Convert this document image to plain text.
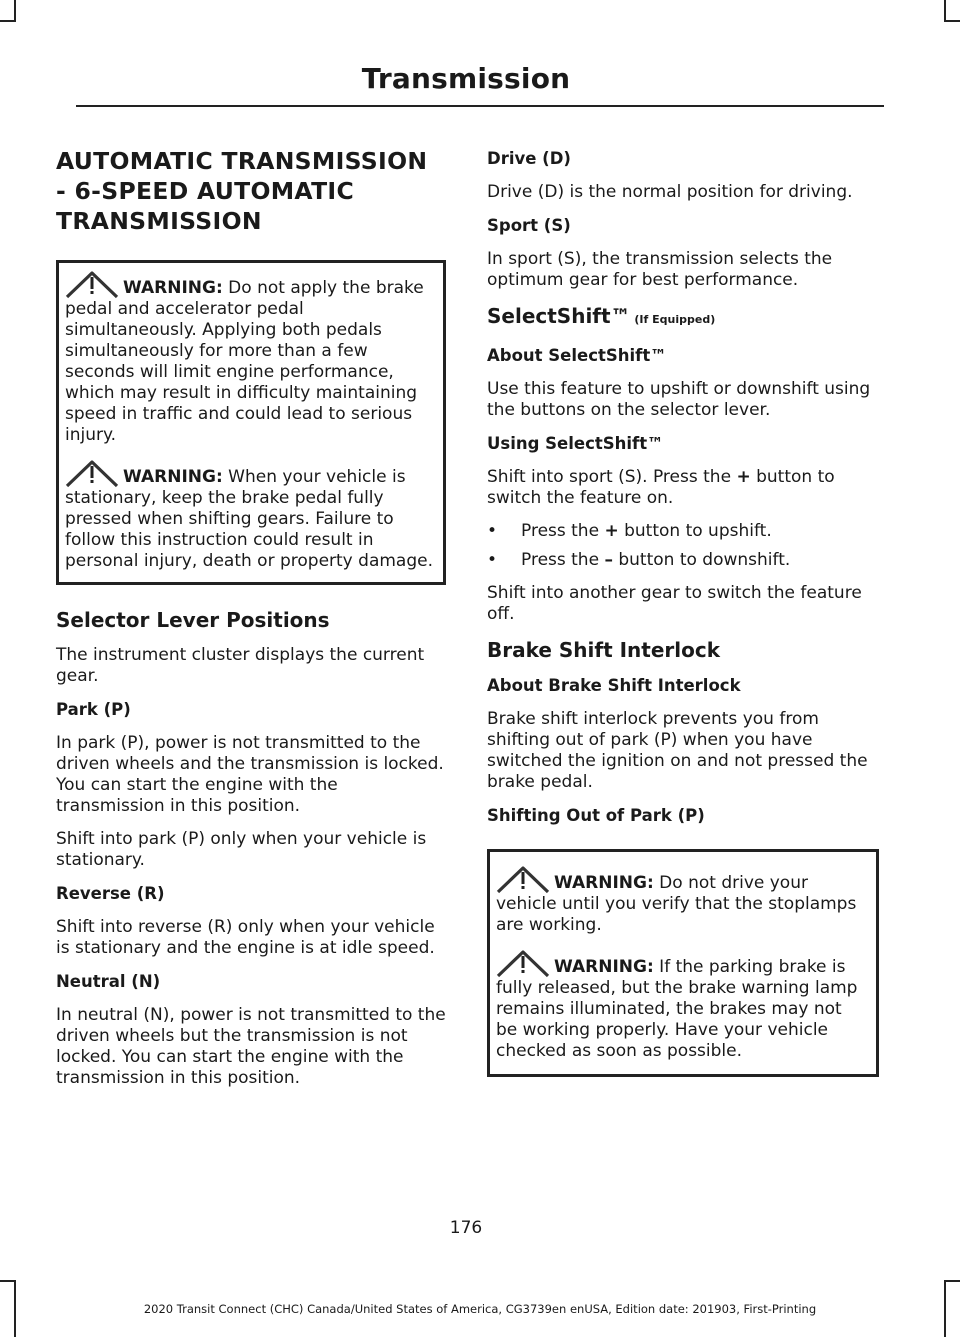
Transmission
AUTOMATIC TRANSMISSION
- 6-SPEED AUTOMATIC
TRANSMISSION
WARNING: Do not apply the brake pedal and accelerator pedal simultaneously. Applying both pedals simultaneously for more than a few seconds will limit engine performance, which may result in difficulty maintaining speed in traffic and could lead to serious injury.
WARNING: When your vehicle is stationary, keep the brake pedal fully pressed when shifting gears. Failure to follow this instruction could result in personal injury, death or property damage.
Selector Lever Positions
The instrument cluster displays the current gear.
Park (P)
In park (P), power is not transmitted to the driven wheels and the transmission is locked. You can start the engine with the transmission in this position.
Shift into park (P) only when your vehicle is stationary.
Reverse (R)
Shift into reverse (R) only when your vehicle is stationary and the engine is at idle speed.
Neutral (N)
In neutral (N), power is not transmitted to the driven wheels but the transmission is not locked. You can start the engine with the transmission in this position.
Drive (D)
Drive (D) is the normal position for driving.
Sport (S)
In sport (S), the transmission selects the optimum gear for best performance.
SelectShift™ (If Equipped)
About SelectShift™
Use this feature to upshift or downshift using the buttons on the selector lever.
Using SelectShift™
Shift into sport (S). Press the + button to switch the feature on.
• Press the + button to upshift.
• Press the – button to downshift.
Shift into another gear to switch the feature off.
Brake Shift Interlock
About Brake Shift Interlock
Brake shift interlock prevents you from shifting out of park (P) when you have switched the ignition on and not pressed the brake pedal.
Shifting Out of Park (P)
WARNING: Do not drive your vehicle until you verify that the stoplamps are working.
WARNING: If the parking brake is fully released, but the brake warning lamp remains illuminated, the brakes may not be working properly. Have your vehicle checked as soon as possible.
176
2020 Transit Connect (CHC) Canada/United States of America, CG3739en enUSA, Edition date: 201903, First-Printing
